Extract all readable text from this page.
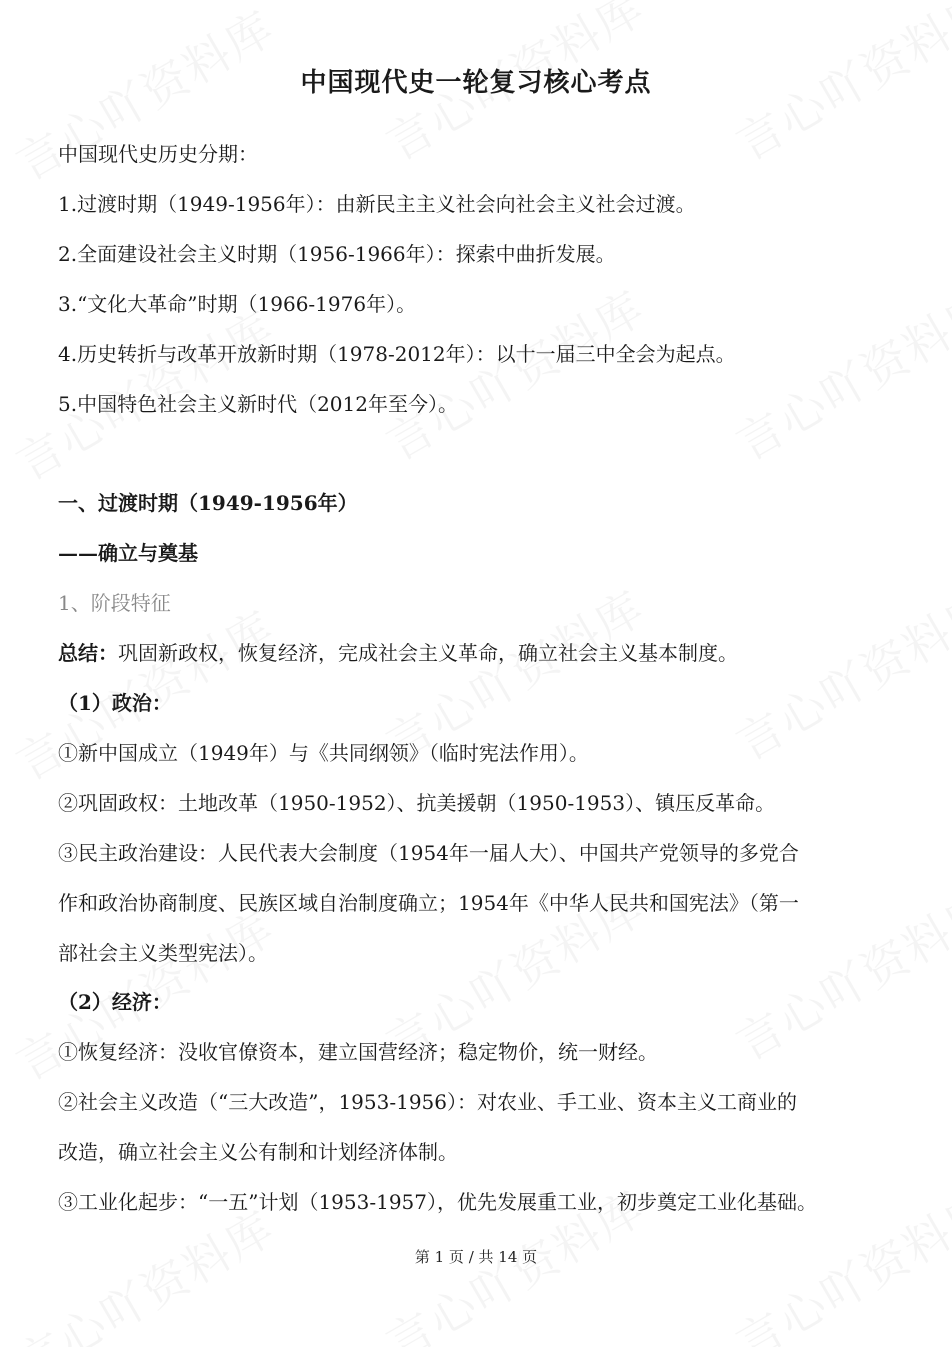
中国现代史一轮复习核心考点
中国现代史历史分期：
1.过渡时期（1949-1956年）：由新民主主义社会向社会主义社会过渡。
2.全面建设社会主义时期（1956-1966年）：探索中曲折发展。
3.“文化大革命”时期（1966-1976年）。
4.历史转折与改革开放新时期（1978-2012年）：以十一届三中全会为起点。
5.中国特色社会主义新时代（2012年至今）。
一、过渡时期（1949-1956年）
——确立与奠基
1、阶段特征
总结：巩固新政权，恢复经济，完成社会主义革命，确立社会主义基本制度。
（1）政治：
①新中国成立（1949年）与《共同纲领》（临时宪法作用）。
②巩固政权：土地改革（1950-1952）、抗美援朝（1950-1953）、镇压反革命。
③民主政治建设：人民代表大会制度（1954年一届人大）、中国共产党领导的多党合
作和政治协商制度、民族区域自治制度确立；1954年《中华人民共和国宪法》（第一
部社会主义类型宪法）。
（2）经济：
①恢复经济：没收官僚资本，建立国营经济；稳定物价，统一财经。
②社会主义改造（“三大改造”，1953-1956）：对农业、手工业、资本主义工商业的
改造，确立社会主义公有制和计划经济体制。
③工业化起步：“一五”计划（1953-1957），优先发展重工业，初步奠定工业化基础。
第 1 页 / 共 14 页
